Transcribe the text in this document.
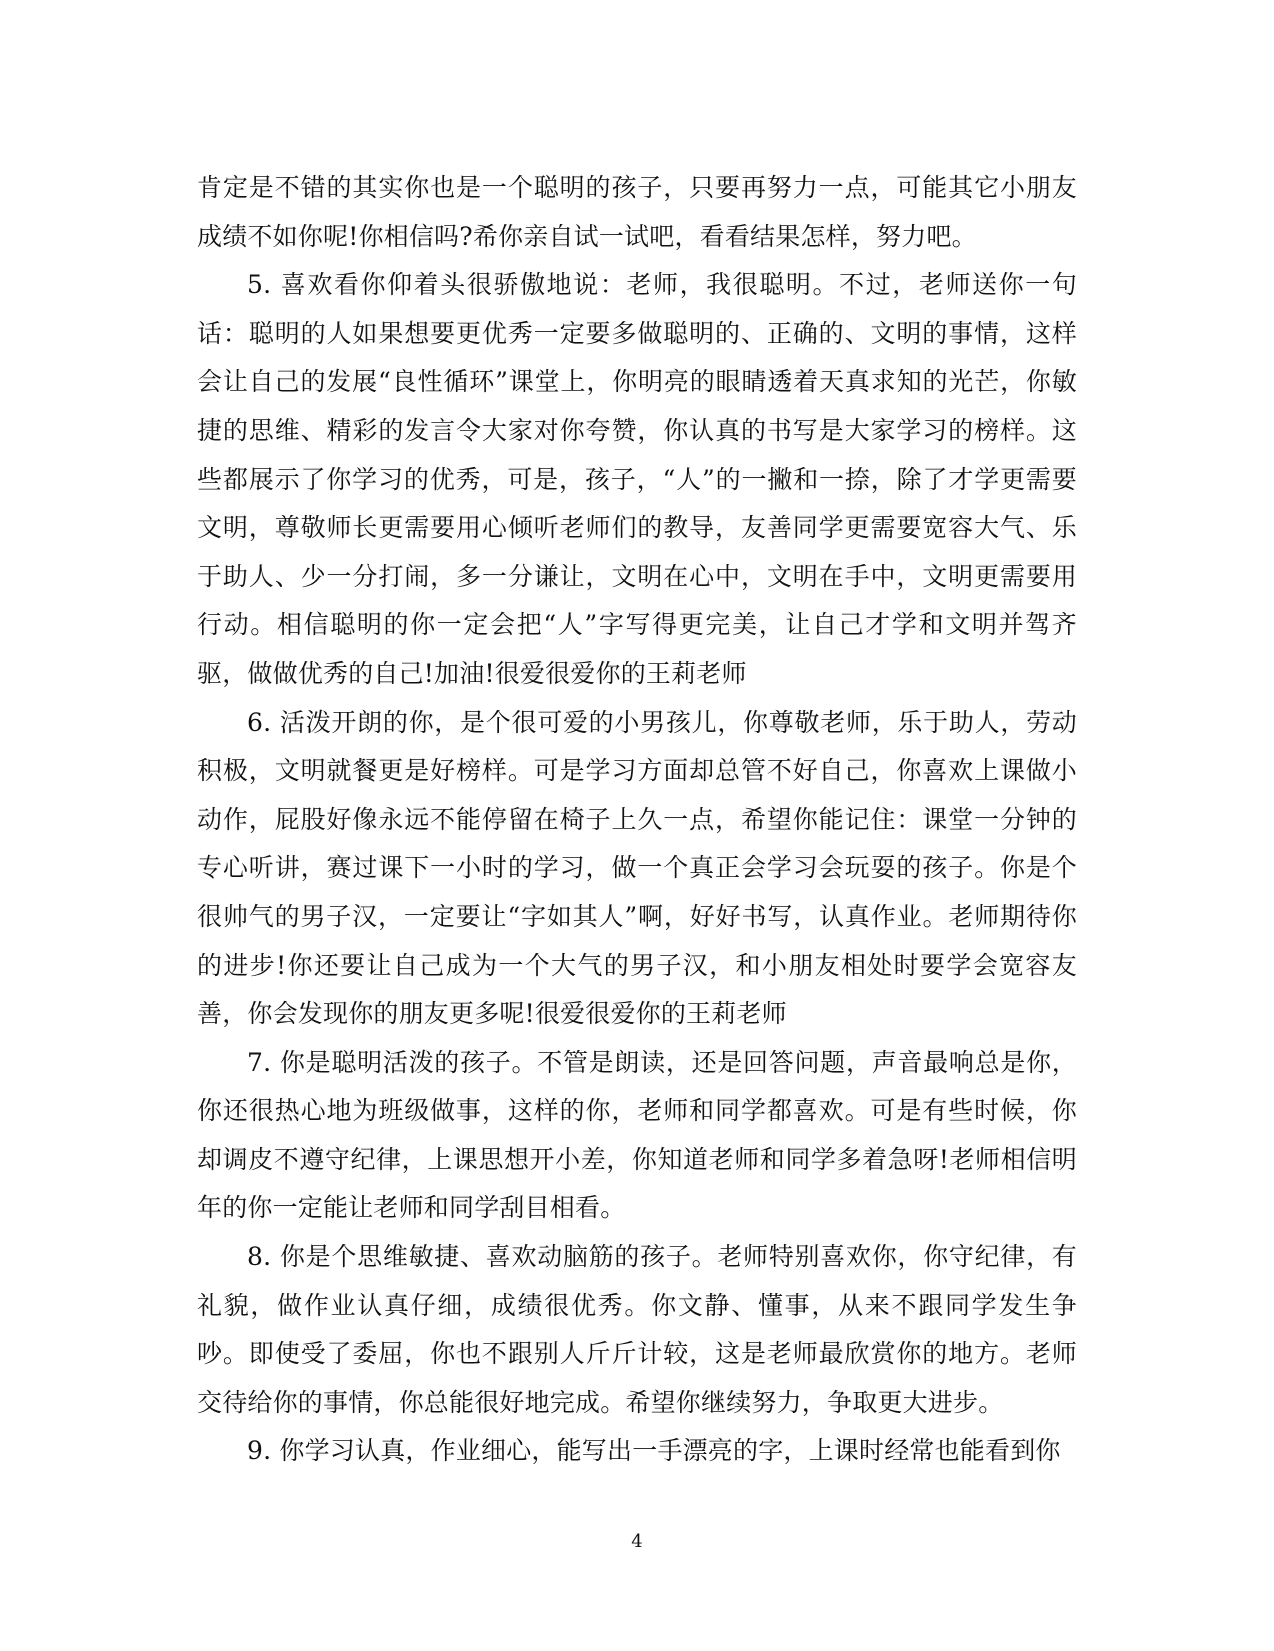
肯定是不错的其实你也是一个聪明的孩子，只要再努力一点，可能其它小朋友成绩不如你呢!你相信吗?希你亲自试一试吧，看看结果怎样，努力吧。

5. 喜欢看你仰着头很骄傲地说：老师，我很聪明。不过，老师送你一句话：聪明的人如果想要更优秀一定要多做聪明的、正确的、文明的事情，这样会让自己的发展“良性循环”课堂上，你明亮的眼睛透着天真求知的光芒，你敏捷的思维、精彩的发言令大家对你夸赞，你认真的书写是大家学习的榜样。这些都展示了你学习的优秀，可是，孩子，“人”的一撇和一捺，除了才学更需要文明，尊敬师长更需要用心倾听老师们的教导，友善同学更需要宽容大气、乐于助人、少一分打闹，多一分谦让，文明在心中，文明在手中，文明更需要用行动。相信聪明的你一定会把“人”字写得更完美，让自己才学和文明并驾齐驱，做做优秀的自己!加油!很爱很爱你的王莉老师

6. 活泼开朗的你，是个很可爱的小男孩儿，你尊敬老师，乐于助人，劳动积极，文明就餐更是好榜样。可是学习方面却总管不好自己，你喜欢上课做小动作，屁股好像永远不能停留在椅子上久一点，希望你能记住：课堂一分钟的专心听讲，赛过课下一小时的学习，做一个真正会学习会玩耍的孩子。你是个很帅气的男子汉，一定要让“字如其人”啊，好好书写，认真作业。老师期待你的进步!你还要让自己成为一个大气的男子汉，和小朋友相处时要学会宽容友善，你会发现你的朋友更多呢!很爱很爱你的王莉老师

7. 你是聪明活泼的孩子。不管是朗读，还是回答问题，声音最响总是你，你还很热心地为班级做事，这样的你，老师和同学都喜欢。可是有些时候，你却调皮不遵守纪律，上课思想开小差，你知道老师和同学多着急呀!老师相信明年的你一定能让老师和同学刮目相看。

8. 你是个思维敏捷、喜欢动脑筋的孩子。老师特别喜欢你，你守纪律，有礼貌，做作业认真仔细，成绩很优秀。你文静、懂事，从来不跟同学发生争吵。即使受了委屈，你也不跟别人斤斤计较，这是老师最欣赏你的地方。老师交待给你的事情，你总能很好地完成。希望你继续努力，争取更大进步。

9. 你学习认真，作业细心，能写出一手漂亮的字，上课时经常也能看到你

4
